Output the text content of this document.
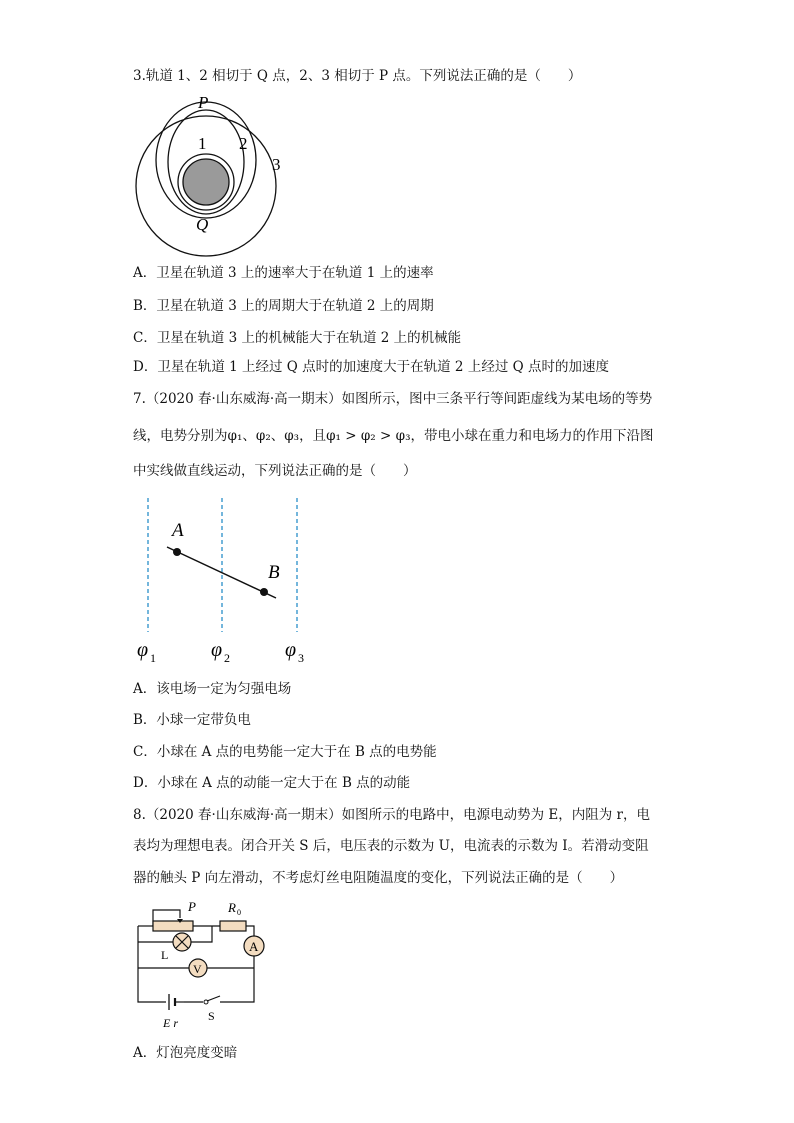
3.轨道 1、2 相切于 Q 点，2、3 相切于 P 点。下列说法正确的是（　　）
P
1 2
3
Q
A．卫星在轨道 3 上的速率大于在轨道 1 上的速率
B．卫星在轨道 3 上的周期大于在轨道 2 上的周期
C．卫星在轨道 3 上的机械能大于在轨道 2 上的机械能
D．卫星在轨道 1 上经过 Q 点时的加速度大于在轨道 2 上经过 Q 点时的加速度
7.（2020 春·山东威海·高一期末）如图所示，图中三条平行等间距虚线为某电场的等势
线，电势分别为φ₁、φ₂、φ₃，且φ₁ > φ₂ > φ₃，带电小球在重力和电场力的作用下沿图
中实线做直线运动，下列说法正确的是（　　）
A
B
φ 1	φ 2	φ 3
A．该电场一定为匀强电场
B．小球一定带负电
C．小球在 A 点的电势能一定大于在 B 点的电势能
D．小球在 A 点的动能一定大于在 B 点的动能
8.（2020 春·山东威海·高一期末）如图所示的电路中，电源电动势为 E，内阻为 r，电
表均为理想电表。闭合开关 S 后，电压表的示数为 U，电流表的示数为 I。若滑动变阻
器的触头 P 向左滑动，不考虑灯丝电阻随温度的变化，下列说法正确的是（　　）
P R 0
L
A
V
S
E r
A．灯泡亮度变暗
